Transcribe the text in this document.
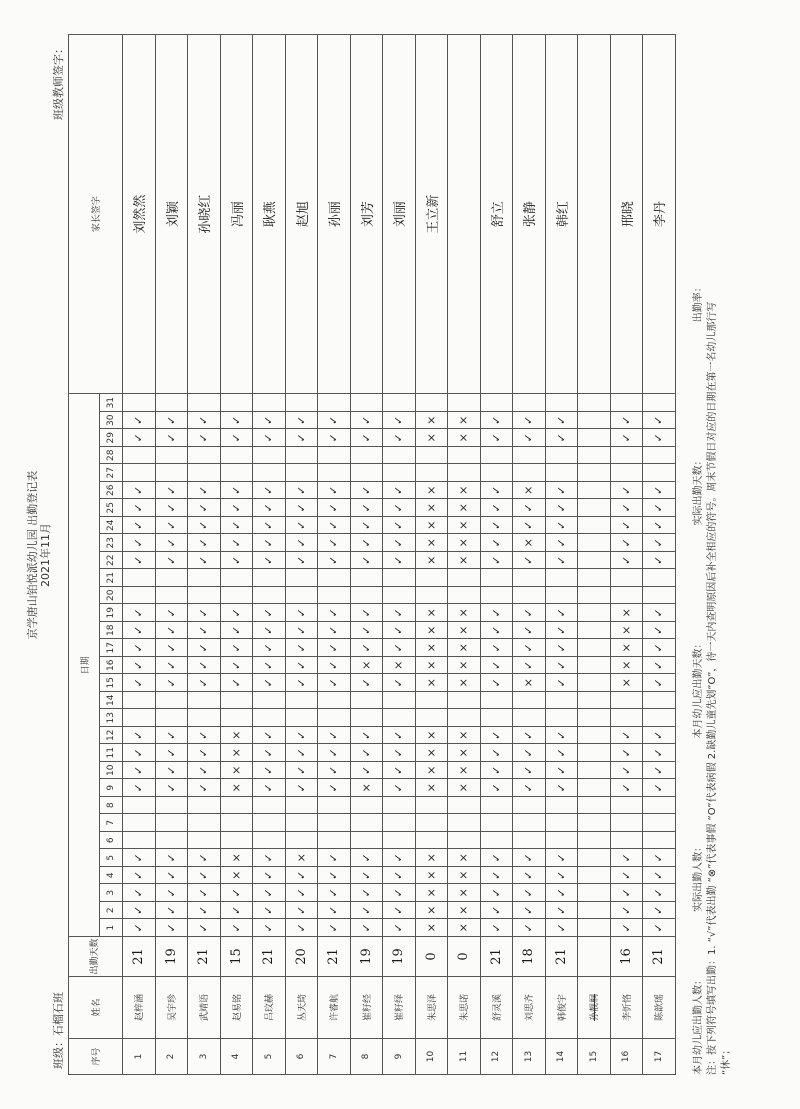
京学唐山铂悦派幼儿园 出勤登记表 2021年11月
班级：石榴石班
班级教师签字：
序号	姓名	出勤天数	日期																															家长签字
			1	2	3	4	5	6	7	8	9	10	11	12	13	14	15	16	17	18	19	20	21	22	23	24	25	26	27	28	29	30	31	
1	赵梓涵	21	✓	✓	✓	✓	✓				✓	✓	✓	✓			✓	✓	✓	✓	✓			✓	✓	✓	✓	✓			✓	✓		刘然然
2	吴宇珍	19	✓	✓	✓	✓	✓				✓	✓	✓	✓			✓	✓	✓	✓	✓			✓	✓	✓	✓	✓			✓	✓		刘颖
3	武靖语	21	✓	✓	✓	✓	✓				✓	✓	✓	✓			✓	✓	✓	✓	✓			✓	✓	✓	✓	✓			✓	✓		孙晓红
4	赵易铭	15	✓	✓	✓	×	×				×	×	×	×			✓	✓	✓	✓	✓			✓	✓	✓	✓	✓			✓	✓		冯丽
5	吕玟赫	21	✓	✓	✓	✓	✓				✓	✓	✓	✓			✓	✓	✓	✓	✓			✓	✓	✓	✓	✓			✓	✓		耿燕
6	丛天琦	20	✓	✓	✓	✓	×				✓	✓	✓	✓			✓	✓	✓	✓	✓			✓	✓	✓	✓	✓			✓	✓		赵旭
7	许睿航	21	✓	✓	✓	✓	✓				✓	✓	✓	✓			✓	✓	✓	✓	✓			✓	✓	✓	✓	✓			✓	✓		孙丽
8	崔籽经	19	✓	✓	✓	✓	✓				×	✓	✓	✓			✓	×	✓	✓	✓			✓	✓	✓	✓	✓			✓	✓		刘芳
9	崔籽绎	19	✓	✓	✓	✓	✓				✓	✓	✓	✓			✓	×	✓	✓	✓			✓	✓	✓	✓	✓			✓	✓		刘丽
10	朱思泽	0	×	×	×	×	×				×	×	×	×			×	×	×	×	×			×	×	×	×	×			×	×		王立新
11	朱思诺	0	×	×	×	×	×				×	×	×	×			×	×	×	×	×			×	×	×	×	×			×	×		
12	舒灵溪	21	✓	✓	✓	✓	✓				✓	✓	✓	✓			✓	✓	✓	✓	✓			✓	✓	✓	✓	✓			✓	✓		舒立
13	刘思齐	18	✓	✓	✓	✓	✓				✓	✓	✓	✓			×	✓	✓	✓	✓			✓	×	✓	✓	×			✓	✓		张静
14	韩俊宇	21	✓	✓	✓	✓	✓				✓	✓	✓	✓			✓	✓	✓	✓	✓			✓	✓	✓	✓	✓			✓	✓		韩红
15	孙靓桐																																	
16	李忻恪	16	✓	✓	✓	✓	✓				✓	✓	✓	✓			×	×	×	×	×			✓	✓	✓	✓	✓			✓	✓		邢晓
17	陈歆瑶	21	✓	✓	✓	✓	✓				✓	✓	✓	✓			✓	✓	✓	✓	✓			✓	✓	✓	✓	✓			✓	✓		李丹
本月幼儿应出勤人数： 实际出勤人数： 本月幼儿应出勤天数： 实际出勤天数： 出勤率： 注：按下列符号填写出勤：1. “√”代表出勤 “⊗”代表事假 “O”代表病假 2.缺勤儿童先划“O”，待一天内查明原因后补全相应的符号。周末节假日对应的日期在第一名幼儿那行写 “休”；
